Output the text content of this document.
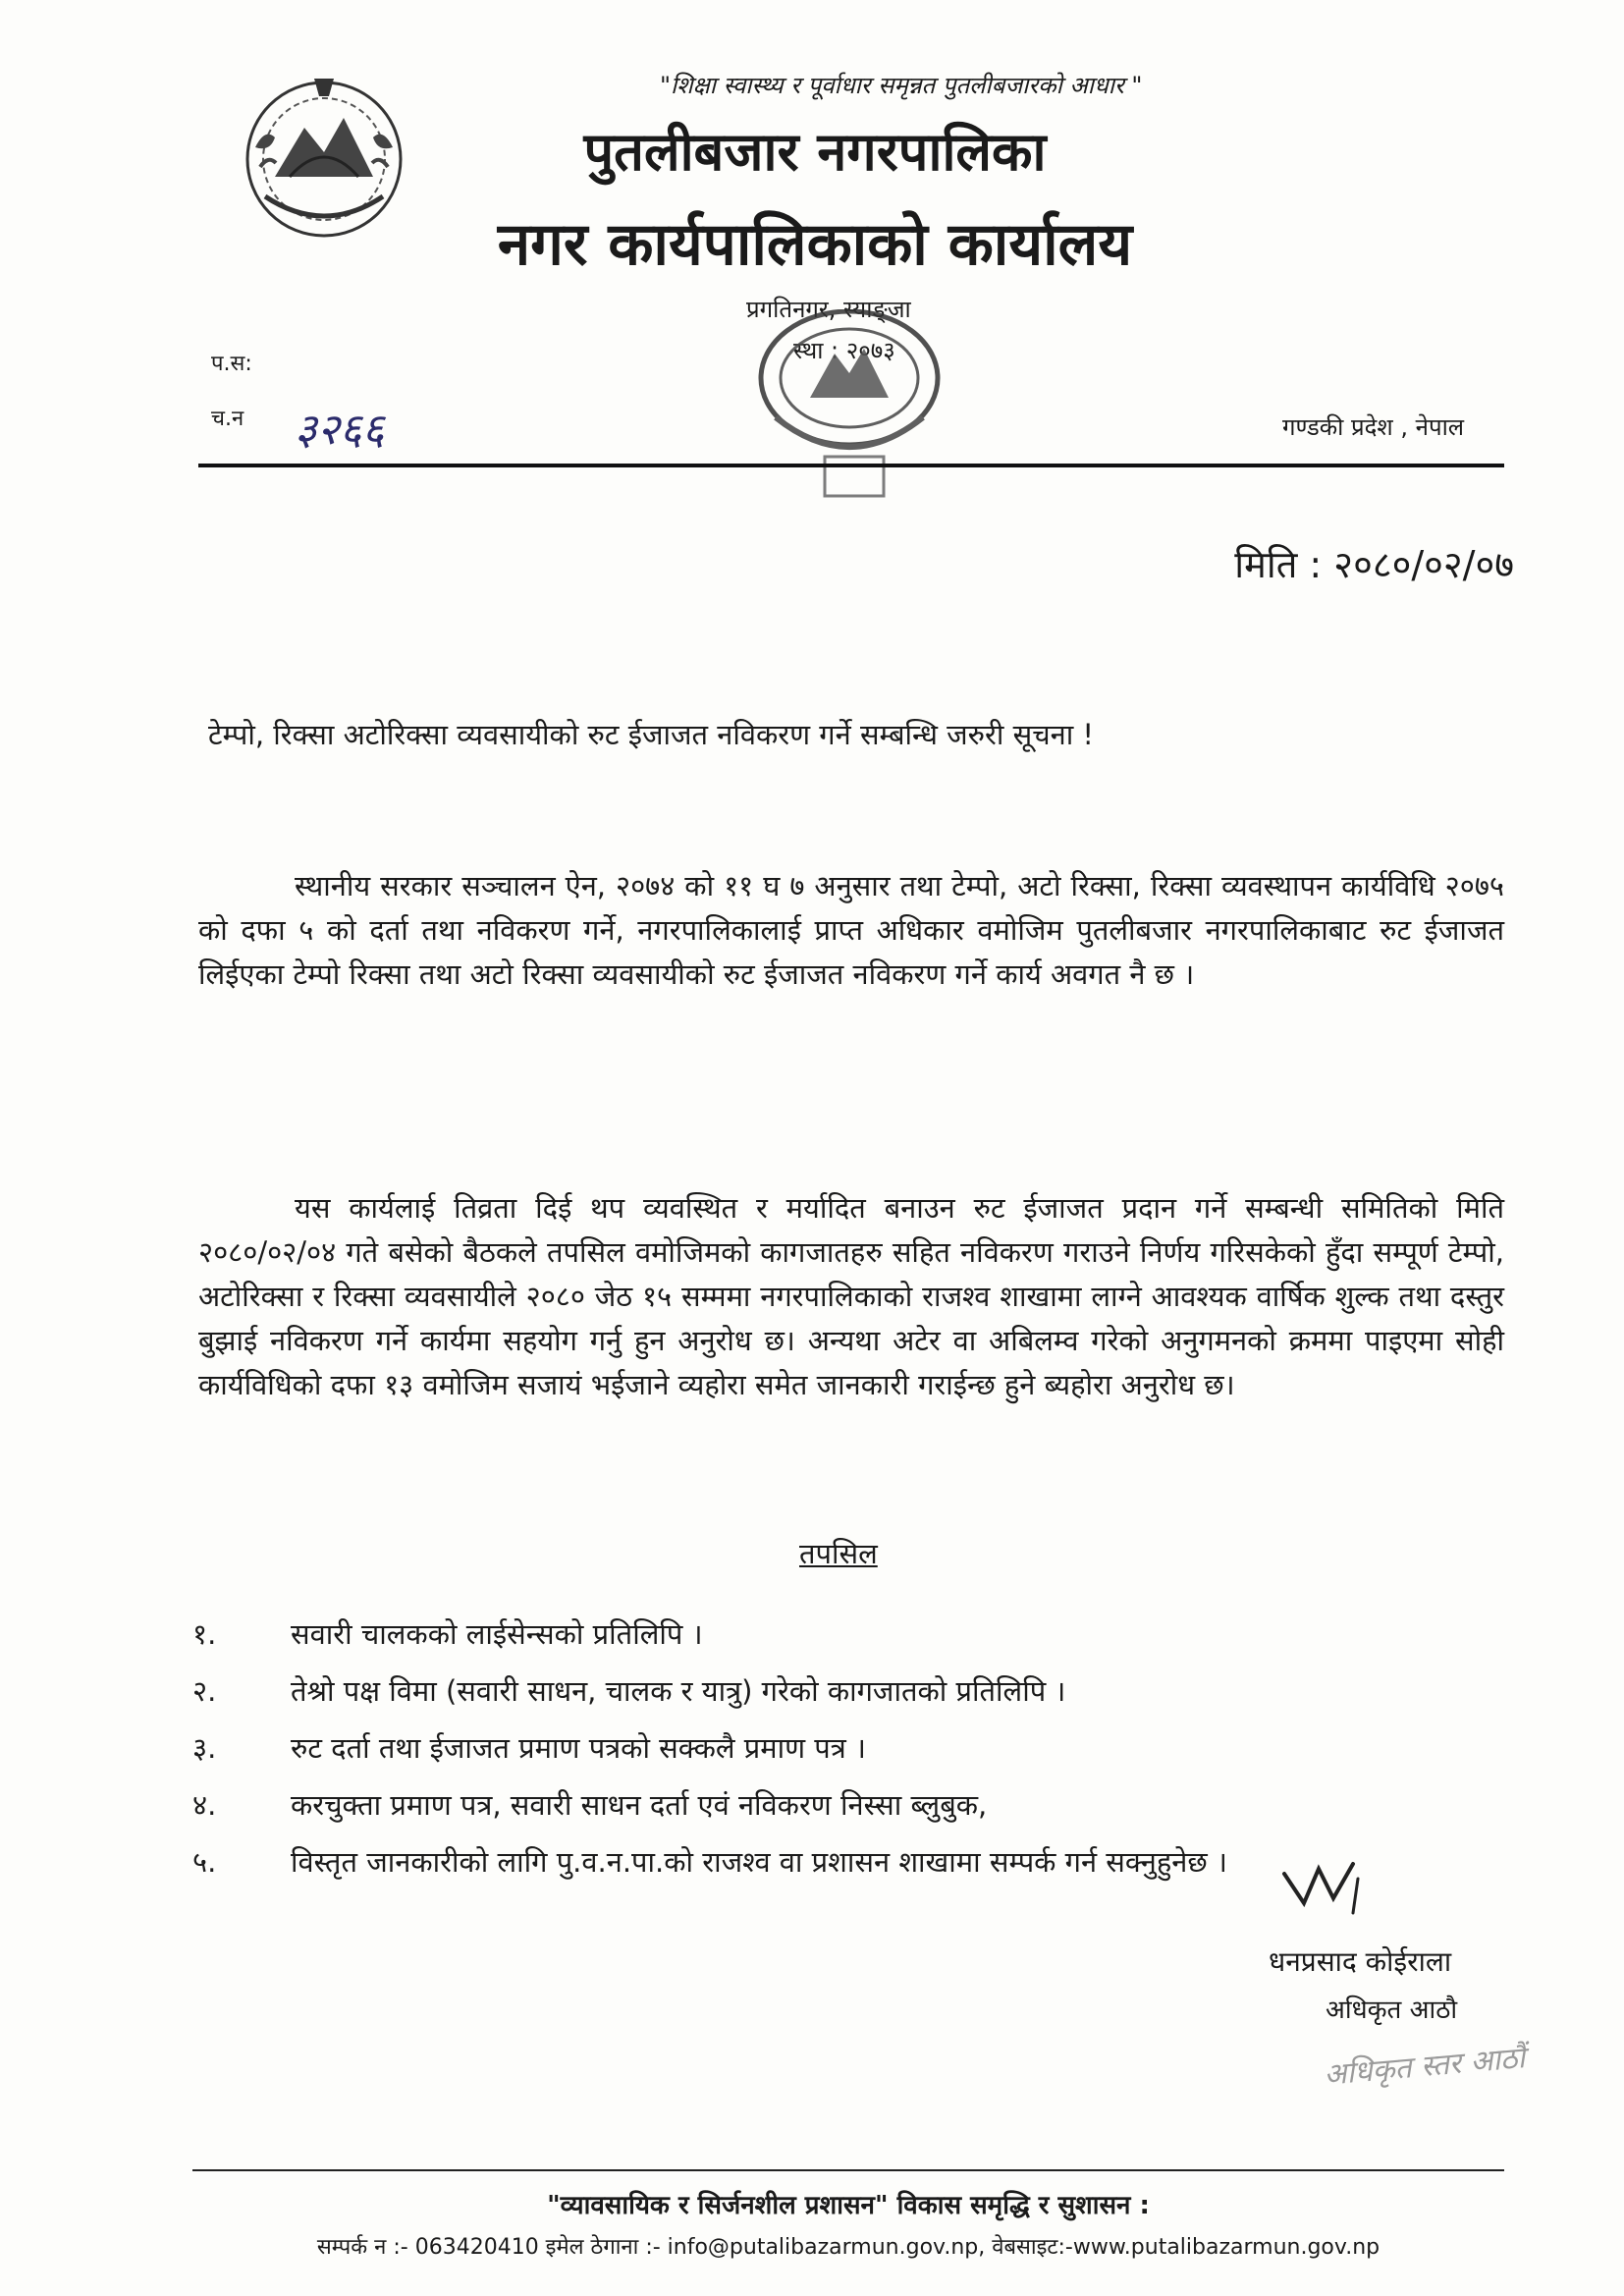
"शिक्षा स्वास्थ्य र पूर्वाधार समृन्नत पुतलीबजारको आधार "
पुतलीबजार नगरपालिका
नगर कार्यपालिकाको कार्यालय
प्रगतिनगर, स्याङ्जा
स्था : २०७३
प.स:
च.न ३२६६	गण्डकी प्रदेश , नेपाल
मिति : २०८०/०२/०७
टेम्पो, रिक्सा अटोरिक्सा व्यवसायीको रुट ईजाजत नविकरण गर्ने सम्बन्धि जरुरी सूचना !
स्थानीय सरकार सञ्चालन ऐन, २०७४ को ११ घ ७ अनुसार तथा टेम्पो, अटो रिक्सा, रिक्सा व्यवस्थापन कार्यविधि २०७५ को दफा ५ को दर्ता तथा नविकरण गर्ने, नगरपालिकालाई प्राप्त अधिकार वमोजिम पुतलीबजार नगरपालिकाबाट रुट ईजाजत लिईएका टेम्पो रिक्सा तथा अटो रिक्सा व्यवसायीको रुट ईजाजत नविकरण गर्ने कार्य अवगत नै छ ।
यस कार्यलाई तिव्रता दिई थप व्यवस्थित र मर्यादित बनाउन रुट ईजाजत प्रदान गर्ने सम्बन्धी समितिको मिति २०८०/०२/०४ गते बसेको बैठकले तपसिल वमोजिमको कागजातहरु सहित नविकरण गराउने निर्णय गरिसकेको हुँदा सम्पूर्ण टेम्पो, अटोरिक्सा र रिक्सा व्यवसायीले २०८० जेठ १५ सम्ममा नगरपालिकाको राजश्व शाखामा लाग्ने आवश्यक वार्षिक शुल्क तथा दस्तुर बुझाई नविकरण गर्ने कार्यमा सहयोग गर्नु हुन अनुरोध छ। अन्यथा अटेर वा अबिलम्व गरेको अनुगमनको क्रममा पाइएमा सोही कार्यविधिको दफा १३ वमोजिम सजायं भईजाने व्यहोरा समेत जानकारी गराईन्छ हुने ब्यहोरा अनुरोध छ।
तपसिल
१.	सवारी चालकको लाईसेन्सको प्रतिलिपि ।
२.	तेश्रो पक्ष विमा (सवारी साधन, चालक र यात्रु) गरेको कागजातको प्रतिलिपि ।
३.	रुट दर्ता तथा ईजाजत प्रमाण पत्रको सक्कलै प्रमाण पत्र ।
४.	करचुक्ता प्रमाण पत्र, सवारी साधन दर्ता एवं नविकरण निस्सा ब्लुबुक,
५.	विस्तृत जानकारीको लागि पु.व.न.पा.को राजश्व वा प्रशासन शाखामा सम्पर्क गर्न सक्नुहुनेछ ।
धनप्रसाद कोईराला
अधिकृत आठौ
अधिकृत स्तर आठौं
"व्यावसायिक र सिर्जनशील प्रशासन" विकास समृद्धि र सुशासन :
सम्पर्क न :- 063420410 इमेल ठेगाना :- info@putalibazarmun.gov.np, वेबसाइट:-www.putalibazarmun.gov.np
